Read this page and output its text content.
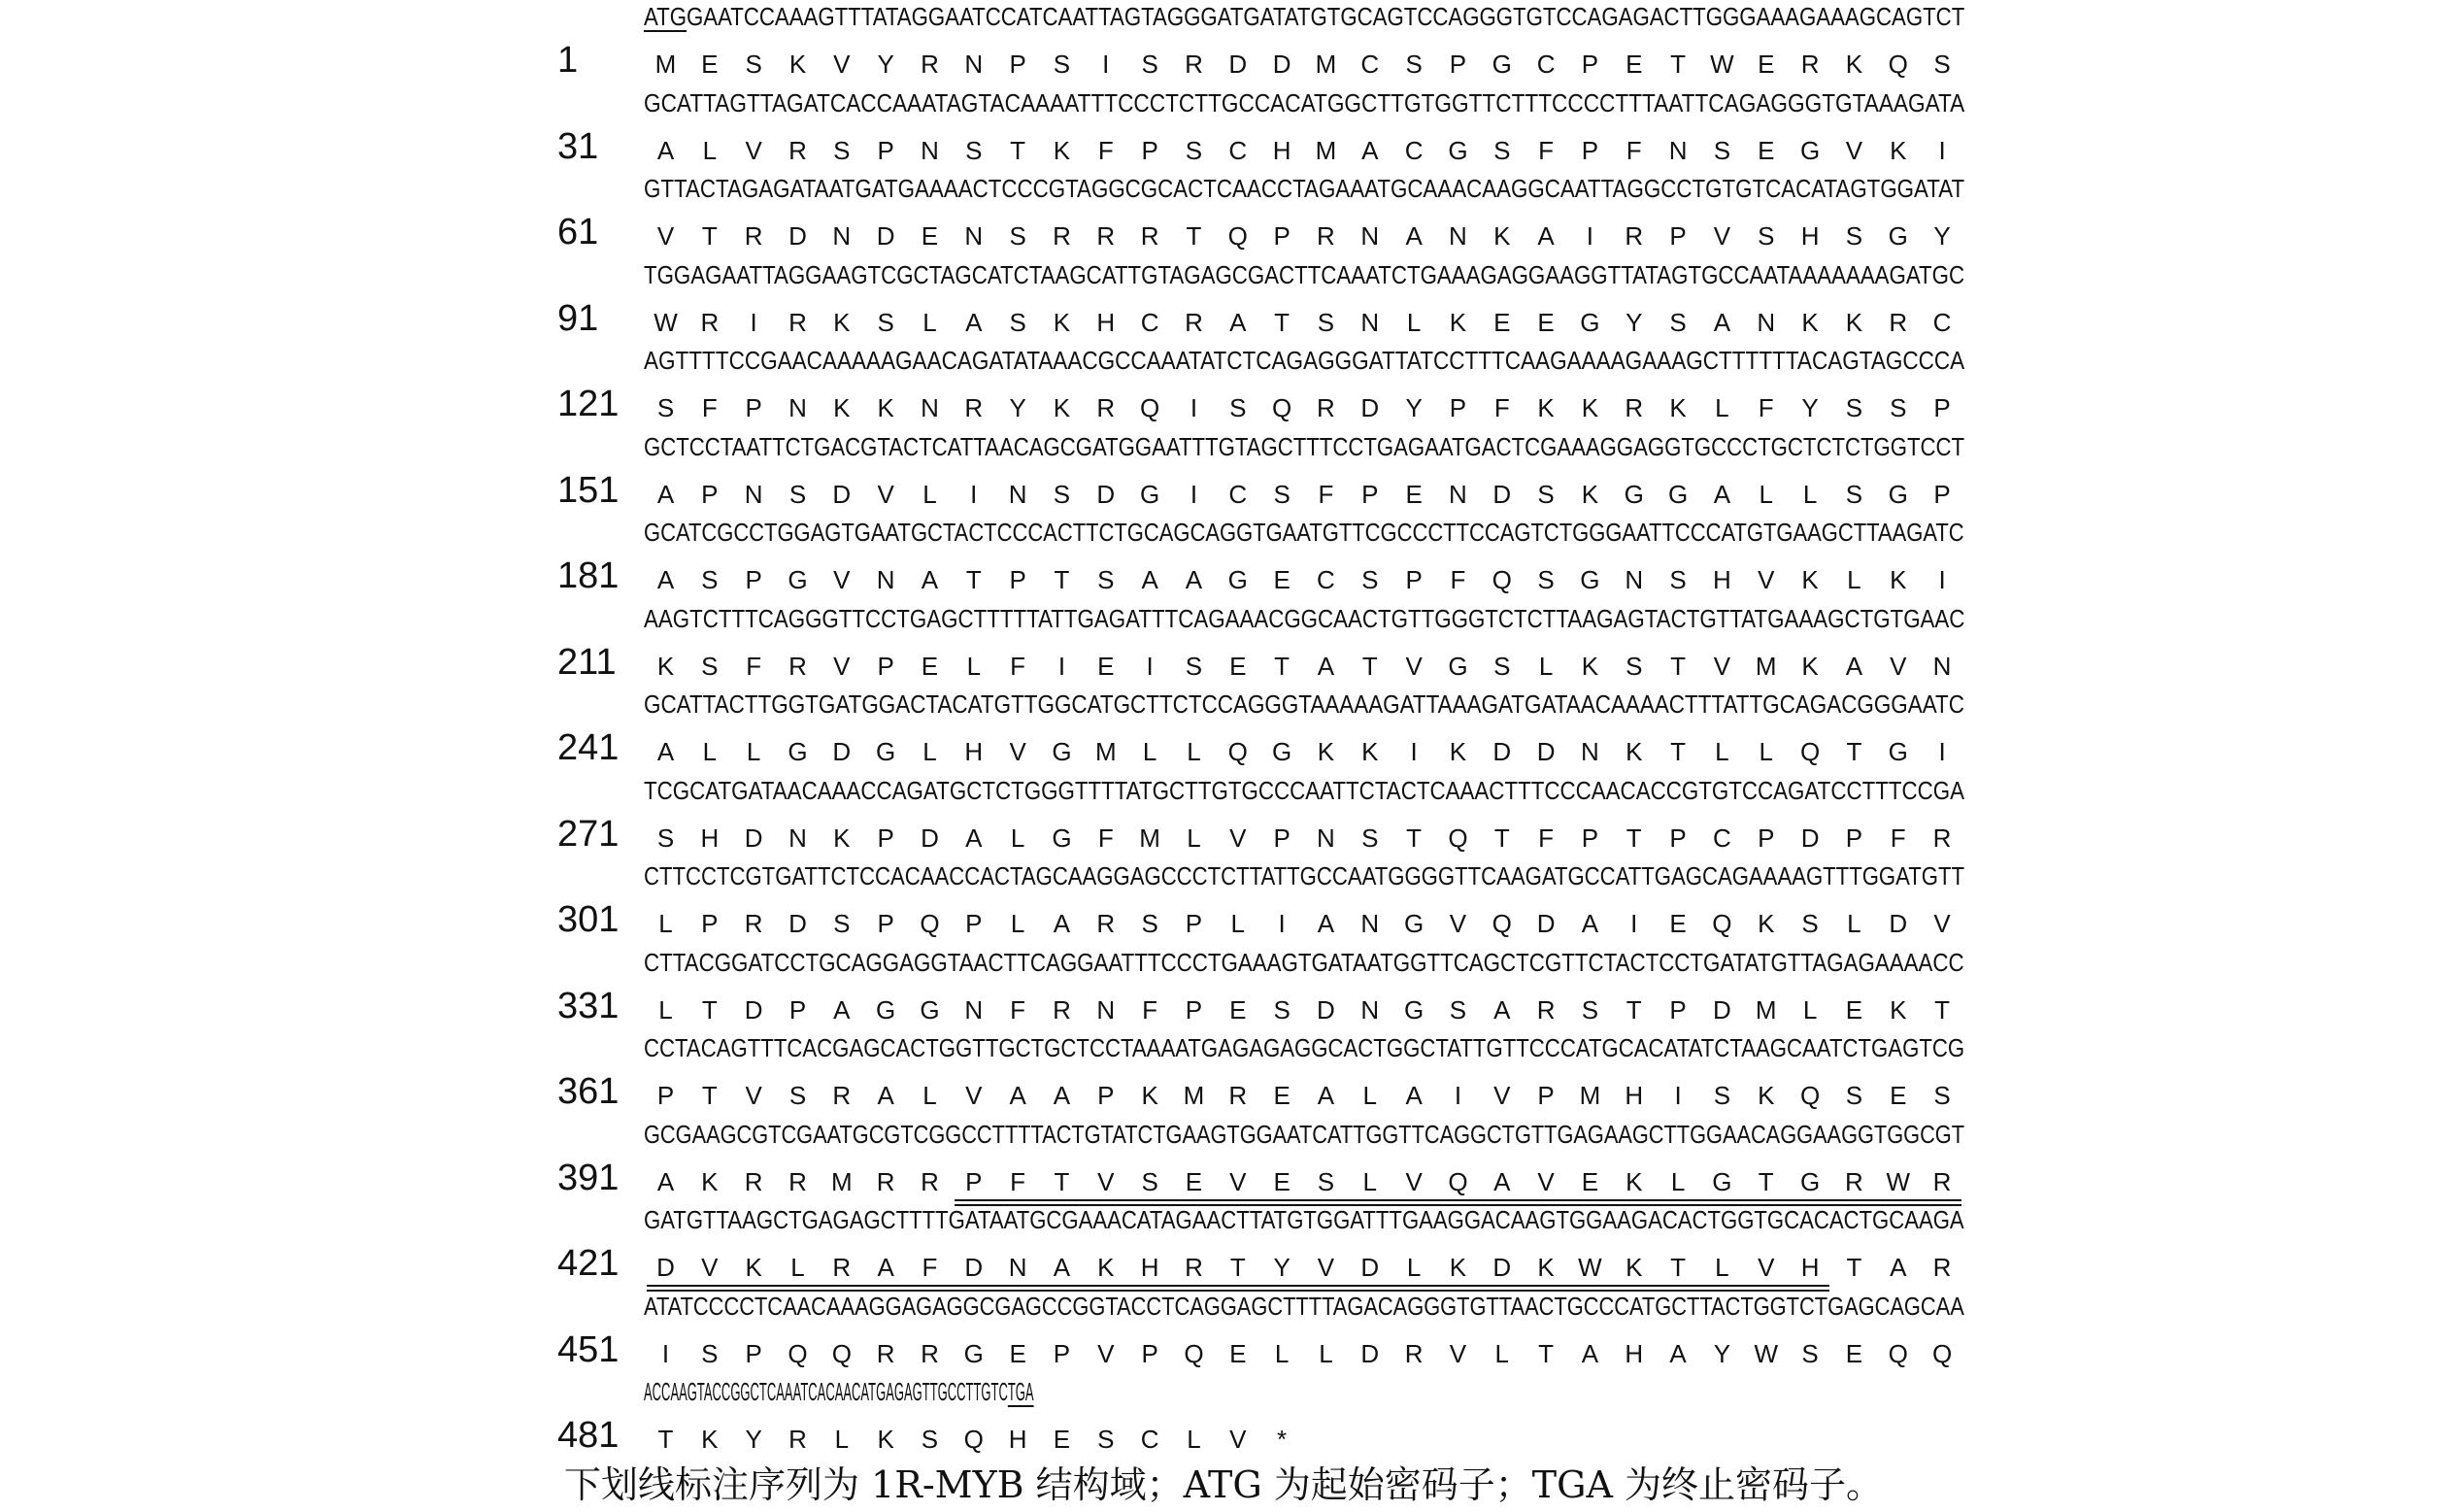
1
ATGGAATCCAAAGTTTATAGGAATCCATCAATTAGTAGGGATGATATGTGCAGTCCAGGGTGTCCAGAGACTTGGGAAAGAAAGCAGTCT
M E	S	K	V	Y	R	N	P	S	I	S	R	D	D M C	S	P	G C	P	E	T W E	R	K	Q	S
31
GCATTAGTTAGATCACCAAATAGTACAAAATTTCCCTCTTGCCACATGGCTTGTGGTTCTTTCCCCTTTAATTCAGAGGGTGTAAAGATA
A	L	V	R	S	P	N	S	T	K	F	P	S	C	H M A	C G	S	F	P	F	N	S	E	G	V	K	I
61
GTTACTAGAGATAATGATGAAAACTCCCGTAGGCGCACTCAACCTAGAAATGCAAACAAGGCAATTAGGCCTGTGTCACATAGTGGATAT
V	T	R	D	N	D	E	N	S	R	R	R	T	Q	P	R	N	A	N	K	A	I	R	P	V	S	H	S	G	Y
91
TGGAGAATTAGGAAGTCGCTAGCATCTAAGCATTGTAGAGCGACTTCAAATCTGAAAGAGGAAGGTTATAGTGCCAATAAAAAAAGATGC
W R	I	R	K	S	L	A	S	K	H	C	R	A	T	S	N	L	K	E	E	G	Y	S	A	N	K	K	R	C
121
AGTTTTCCGAACAAAAAGAACAGATATAAACGCCAAATATCTCAGAGGGATTATCCTTTCAAGAAAAGAAAGCTTTTTTACAGTAGCCCA
S	F	P	N	K	K	N	R	Y	K	R Q	I	S	Q R	D	Y	P	F	K	K	R	K	L	F	Y	S	S	P
151
GCTCCTAATTCTGACGTACTCATTAACAGCGATGGAATTTGTAGCTTTCCTGAGAATGACTCGAAAGGAGGTGCCCTGCTCTCTGGTCCT
A	P	N	S	D	V	L	I	N	S	D G	I	C	S	F	P	E	N	D	S	K	G G	A	L	L	S	G	P
181
GCATCGCCTGGAGTGAATGCTACTCCCACTTCTGCAGCAGGTGAATGTTCGCCCTTCCAGTCTGGGAATTCCCATGTGAAGCTTAAGATC
A	S	P	G	V	N	A	T	P	T	S	A	A	G	E	C	S	P	F	Q	S	G N	S	H	V	K	L	K	I
211
AAGTCTTTCAGGGTTCCTGAGCTTTTTATTGAGATTTCAGAAACGGCAACTGTTGGGTCTCTTAAGAGTACTGTTATGAAAGCTGTGAAC
K	S	F	R	V	P	E	L	F	I	E	I	S	E	T	A	T	V	G	S	L	K	S	T	V M K	A	V	N
241
GCATTACTTGGTGATGGACTACATGTTGGCATGCTTCTCCAGGGTAAAAAGATTAAAGATGATAACAAAACTTTATTGCAGACGGGAATC
A	L	L	G D G	L	H	V	G M	L	L	Q G	K	K	I	K	D	D	N	K	T	L	L	Q	T	G	I
271
TCGCATGATAACAAACCAGATGCTCTGGGTTTTATGCTTGTGCCCAATTCTACTCAAACTTTCCCAACACCGTGTCCAGATCCTTTCCGA
S	H	D	N	K	P	D	A	L	G	F	M	L	V	P	N	S	T	Q	T	F	P	T	P	C	P	D	P	F	R
301
CTTCCTCGTGATTCTCCACAACCACTAGCAAGGAGCCCTCTTATTGCCAATGGGGTTCAAGATGCCATTGAGCAGAAAAGTTTGGATGTT
L	P	R	D	S	P	Q	P	L	A	R	S	P	L	I	A	N G	V	Q D	A	I	E	Q	K	S	L	D	V
331
CTTACGGATCCTGCAGGAGGTAACTTCAGGAATTTCCCTGAAAGTGATAATGGTTCAGCTCGTTCTACTCCTGATATGTTAGAGAAAACC
L	T	D	P	A	G G N	F	R	N	F	P	E	S	D	N G	S	A	R	S	T	P	D M	L	E	K	T
361
CCTACAGTTTCACGAGCACTGGTTGCTGCTCCTAAAATGAGAGAGGCACTGGCTATTGTTCCCATGCACATATCTAAGCAATCTGAGTCG
P	T	V	S	R	A	L	V	A	A	P	K M R	E	A	L	A	I	V	P M H	I	S	K	Q	S	E	S
391
GCGAAGCGTCGAATGCGTCGGCCTTTTACTGTATCTGAAGTGGAATCATTGGTTCAGGCTGTTGAGAAGCTTGGAACAGGAAGGTGGCGT
A	K	R	R M R	R	P	F	T	V	S	E	V	E	S	L	V	Q	A	V	E	K	L	G	T	G R W R
421
GATGTTAAGCTGAGAGCTTTTGATAATGCGAAACATAGAACTTATGTGGATTTGAAGGACAAGTGGAAGACACTGGTGCACACTGCAAGA
D	V	K	L	R	A	F	D	N	A	K	H	R	T	Y	V	D	L	K	D	K W K	T	L	V	H	T	A	R
451
ATATCCCCTCAACAAAGGAGAGGCGAGCCGGTACCTCAGGAGCTTTTAGACAGGGTGTTAACTGCCCATGCTTACTGGTCTGAGCAGCAA
I	S	P	Q Q R	R G	E	P	V	P	Q	E	L	L	D	R	V	L	T	A	H	A	Y W S	E	Q Q
481
ACCAAGTACCGGCTCAAATCACAACATGAGAGTTGCCTTGTCTGA
T	K	Y	R	L	K	S	Q H	E	S	C	L	V	*
下划线标注序列为 1R-MYB 结构域；ATG 为起始密码子；TGA 为终止密码子。
